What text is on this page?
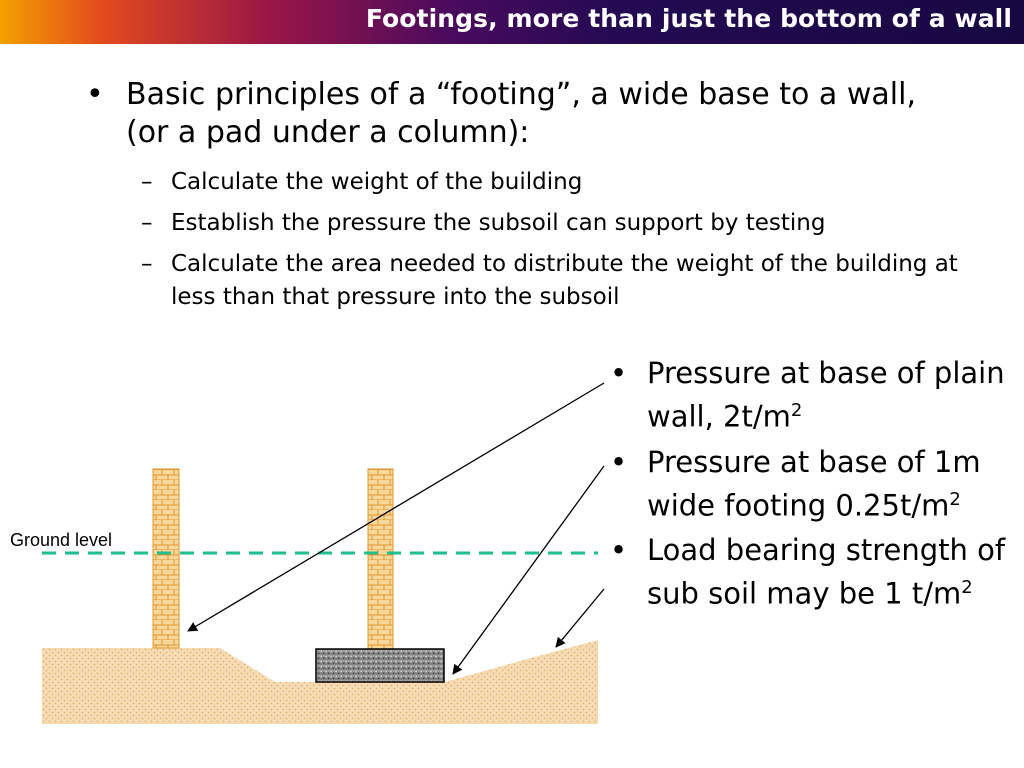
Footings, more than just the bottom of a wall
• Basic principles of a “footing”, a wide base to a wall, (or a pad under a column):
– Calculate the weight of the building
– Establish the pressure the subsoil can support by testing
– Calculate the area needed to distribute the weight of the building at less than that pressure into the subsoil
• Pressure at base of plain wall, $2t/m^2$
• Pressure at base of 1m wide footing $0.25t/m^2$
• Load bearing strength of sub soil may be 1 $t/m^2$
Ground level
